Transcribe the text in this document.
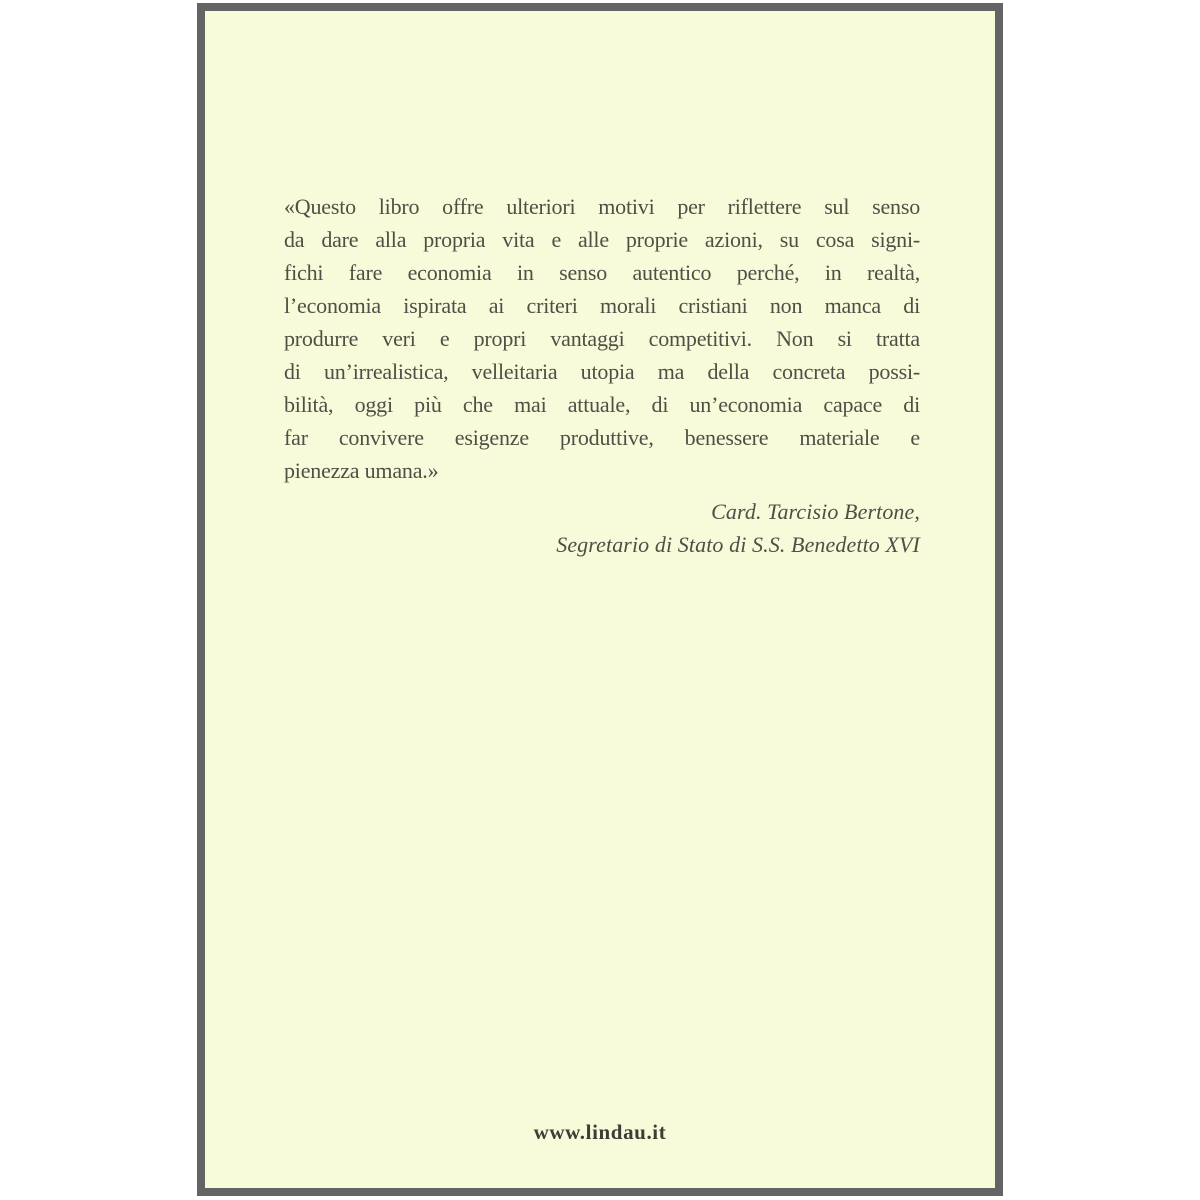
«Questo libro offre ulteriori motivi per riflettere sul senso
da dare alla propria vita e alle proprie azioni, su cosa signi-
fichi fare economia in senso autentico perché, in realtà,
l’economia ispirata ai criteri morali cristiani non manca di
produrre veri e propri vantaggi competitivi. Non si tratta
di un’irrealistica, velleitaria utopia ma della concreta possi-
bilità, oggi più che mai attuale, di un’economia capace di
far convivere esigenze produttive, benessere materiale e
pienezza umana.»
Card. Tarcisio Bertone,
Segretario di Stato di S.S. Benedetto XVI
www.lindau.it
